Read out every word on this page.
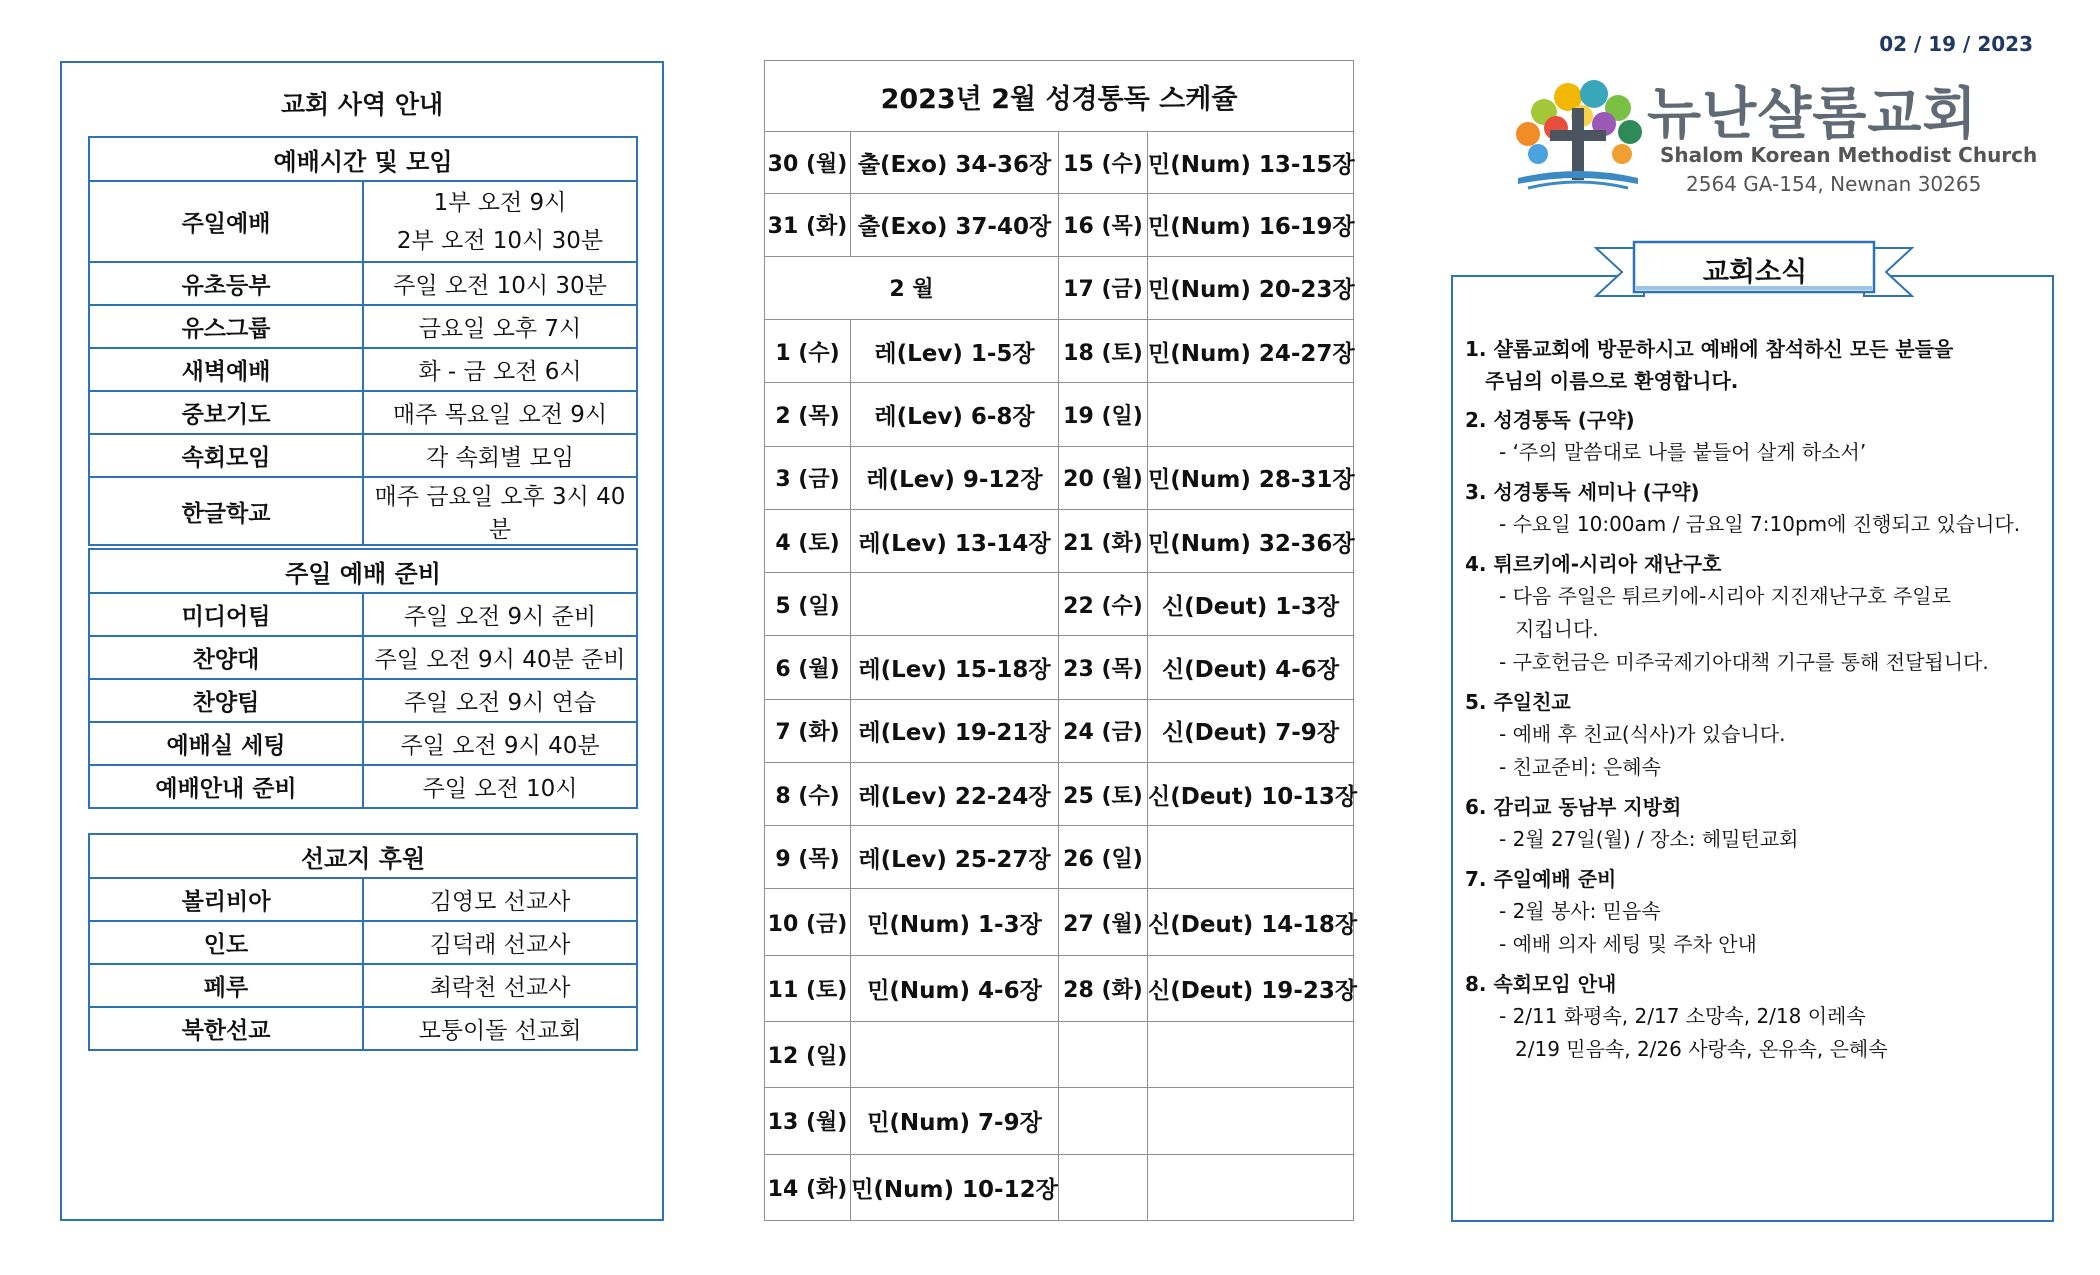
교회 사역 안내
예배시간 및 모임	
주일예배	1부 오전 9시
2부 오전 10시 30분

유초등부	주일 오전 10시 30분
유스그룹	금요일 오후 7시
새벽예배	화 - 금 오전 6시
중보기도	매주 목요일 오전 9시
속회모임	각 속회별 모임
한글학교	매주 금요일 오후 3시 40분
주일 예배 준비	
미디어팀	주일 오전 9시 준비
찬양대	주일 오전 9시 40분 준비
찬양팀	주일 오전 9시 연습
예배실 세팅	주일 오전 9시 40분
예배안내 준비	주일 오전 10시
선교지 후원	
볼리비아	김영모 선교사
인도	김덕래 선교사
페루	최락천 선교사
북한선교	모퉁이돌 선교회
2023년 2월 성경통독 스케쥴			
30 (월)	출(Exo) 34-36장	15 (수)	민(Num) 13-15장
31 (화)	출(Exo) 37-40장	16 (목)	민(Num) 16-19장
2 월		17 (금)	민(Num) 20-23장
1 (수)	레(Lev) 1-5장	18 (토)	민(Num) 24-27장
2 (목)	레(Lev) 6-8장	19 (일)	
3 (금)	레(Lev) 9-12장	20 (월)	민(Num) 28-31장
4 (토)	레(Lev) 13-14장	21 (화)	민(Num) 32-36장
5 (일)		22 (수)	신(Deut) 1-3장
6 (월)	레(Lev) 15-18장	23 (목)	신(Deut) 4-6장
7 (화)	레(Lev) 19-21장	24 (금)	신(Deut) 7-9장
8 (수)	레(Lev) 22-24장	25 (토)	신(Deut) 10-13장
9 (목)	레(Lev) 25-27장	26 (일)	
10 (금)	민(Num) 1-3장	27 (월)	신(Deut) 14-18장
11 (토)	민(Num) 4-6장	28 (화)	신(Deut) 19-23장
12 (일)			
13 (월)	민(Num) 7-9장		
14 (화)	민(Num) 10-12장		
02 / 19 / 2023
뉴난샬롬교회
Shalom Korean Methodist Church
2564 GA-154, Newnan 30265
교회소식
1. 샬롬교회에 방문하시고 예배에 참석하신 모든 분들을
주님의 이름으로 환영합니다.
2. 성경통독 (구약)
- ‘주의 말씀대로 나를 붙들어 살게 하소서’
3. 성경통독 세미나 (구약)
- 수요일 10:00am / 금요일 7:10pm에 진행되고 있습니다.
4. 튀르키에-시리아 재난구호
- 다음 주일은 튀르키에-시리아 지진재난구호 주일로
지킵니다.
- 구호헌금은 미주국제기아대책 기구를 통해 전달됩니다.
5. 주일친교
- 예배 후 친교(식사)가 있습니다.
- 친교준비: 은혜속
6. 감리교 동남부 지방회
- 2월 27일(월) / 장소: 헤밀턴교회
7. 주일예배 준비
- 2월 봉사: 믿음속
- 예배 의자 세팅 및 주차 안내
8. 속회모임 안내
- 2/11 화평속, 2/17 소망속, 2/18 이레속
2/19 믿음속, 2/26 사랑속, 온유속, 은혜속
